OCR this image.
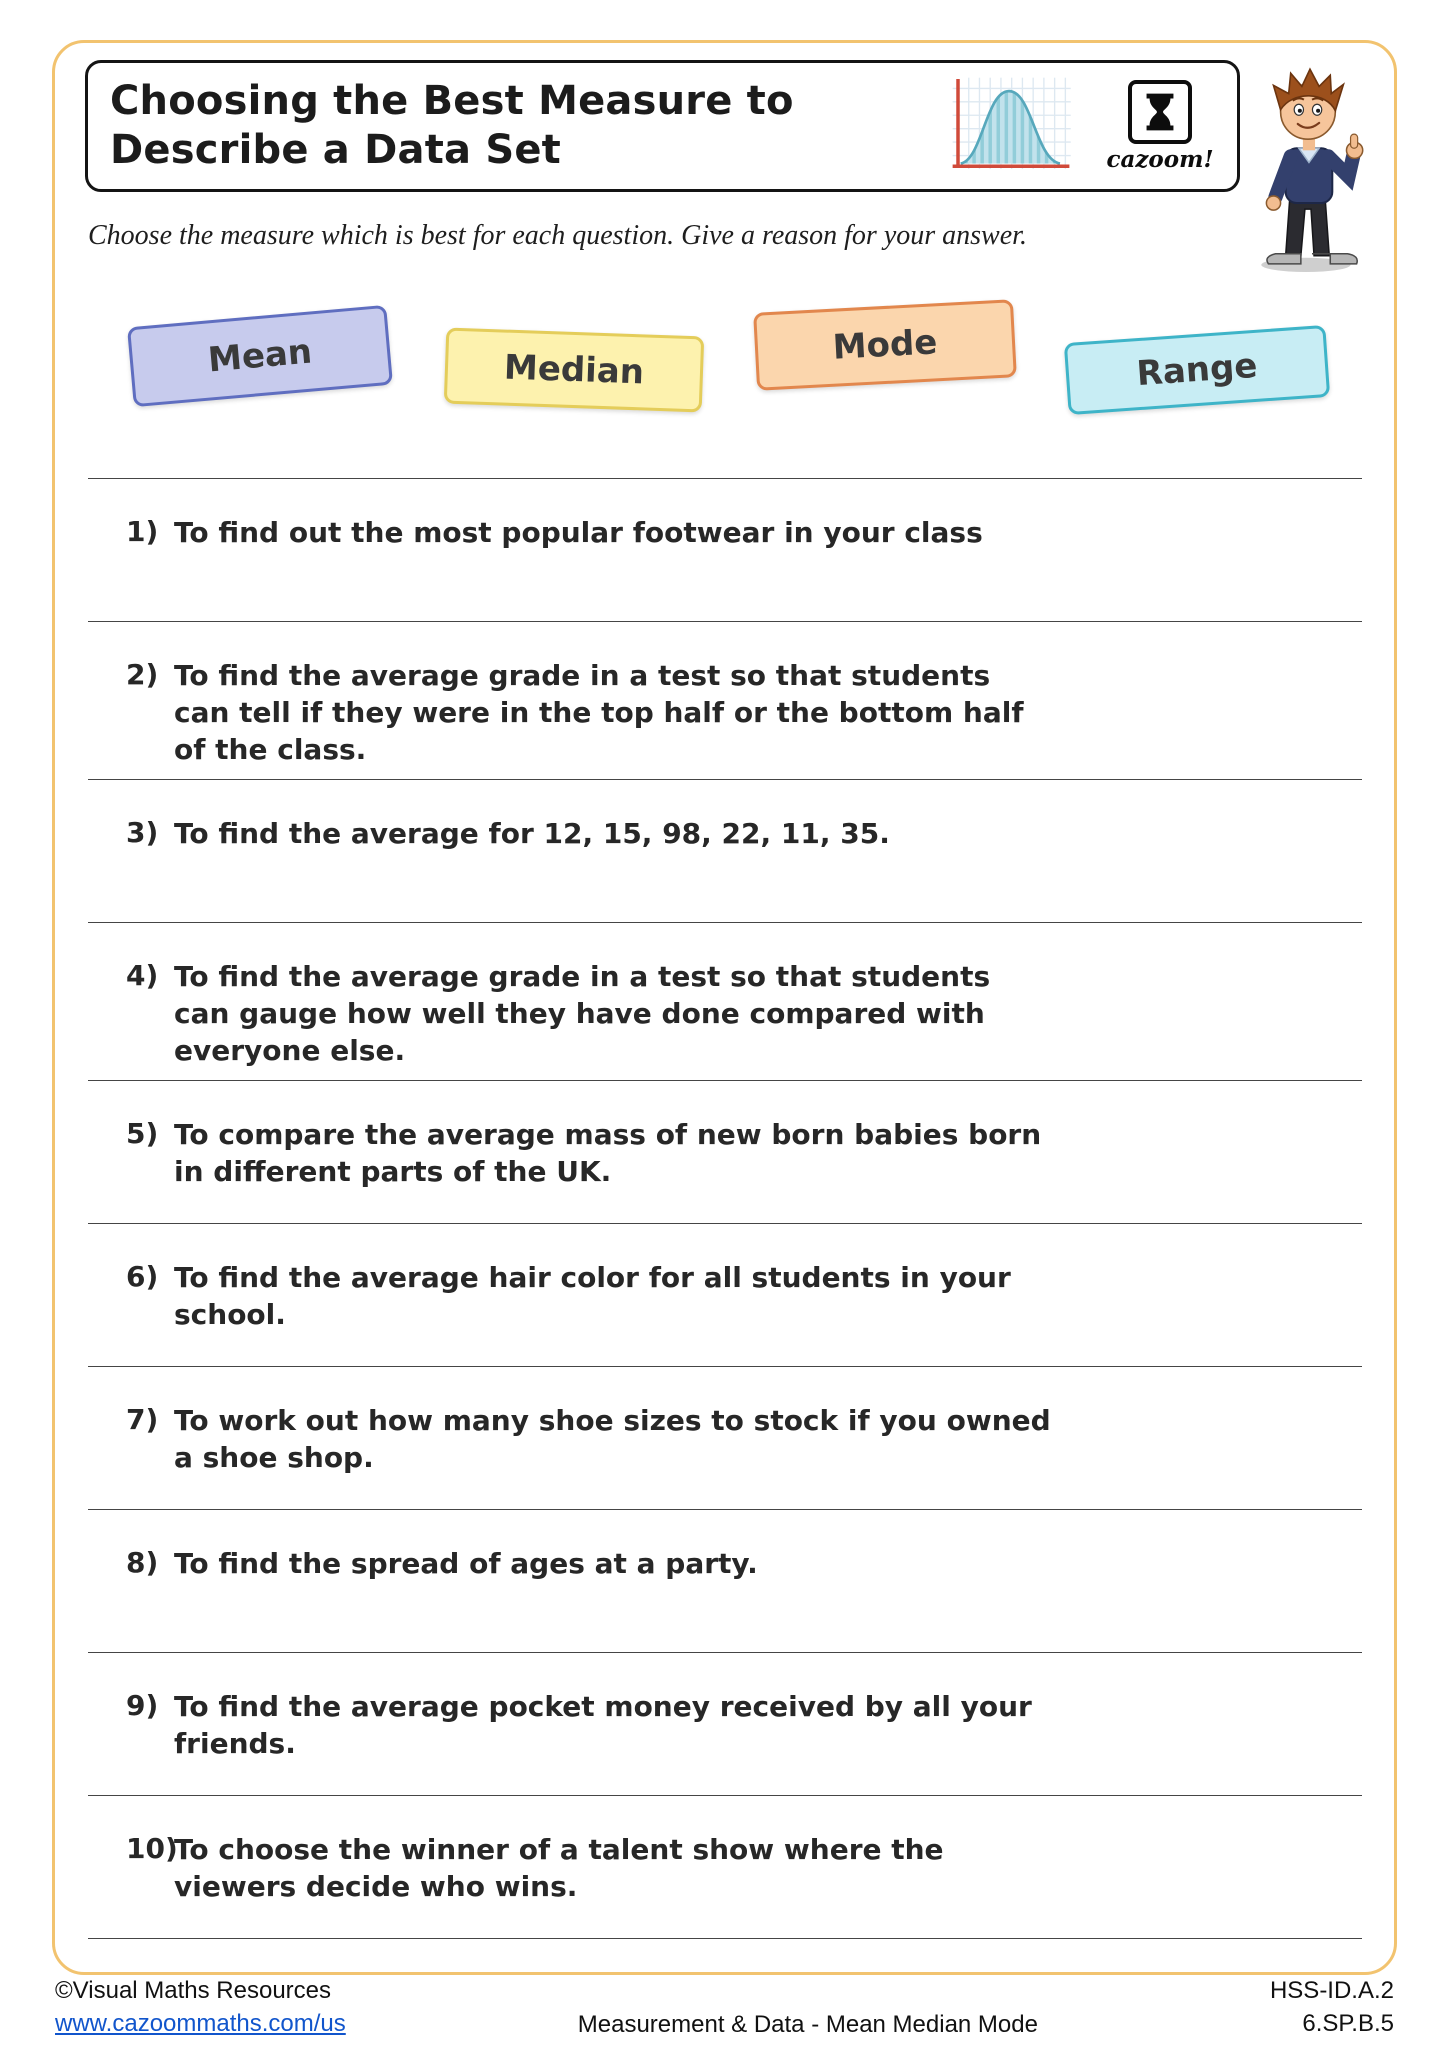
Choosing the Best Measure to
Describe a Data Set	cazoom!

Choose the measure which is best for each question. Give a reason for your answer.

Mean	Median
Mode
Range
1) To find out the most popular footwear in your class

2) To find the average grade in a test so that students can tell if they were in the top half or the bottom half of the class.

3) To find the average for 12, 15, 98, 22, 11, 35.

4) To find the average grade in a test so that students can gauge how well they have done compared with everyone else.

5) To compare the average mass of new born babies born in different parts of the UK.

6) To find the average hair color for all students in your school.

7) To work out how many shoe sizes to stock if you owned a shoe shop.

8) To find the spread of ages at a party.

9) To find the average pocket money received by all your friends.

10)

To choose the winner of a talent show where the viewers decide who wins.

©Visual Maths Resources
www.cazoommaths.com/us	Measurement & Data - Mean Median Mode
HSS-ID.A.2
6.SP.B.5
